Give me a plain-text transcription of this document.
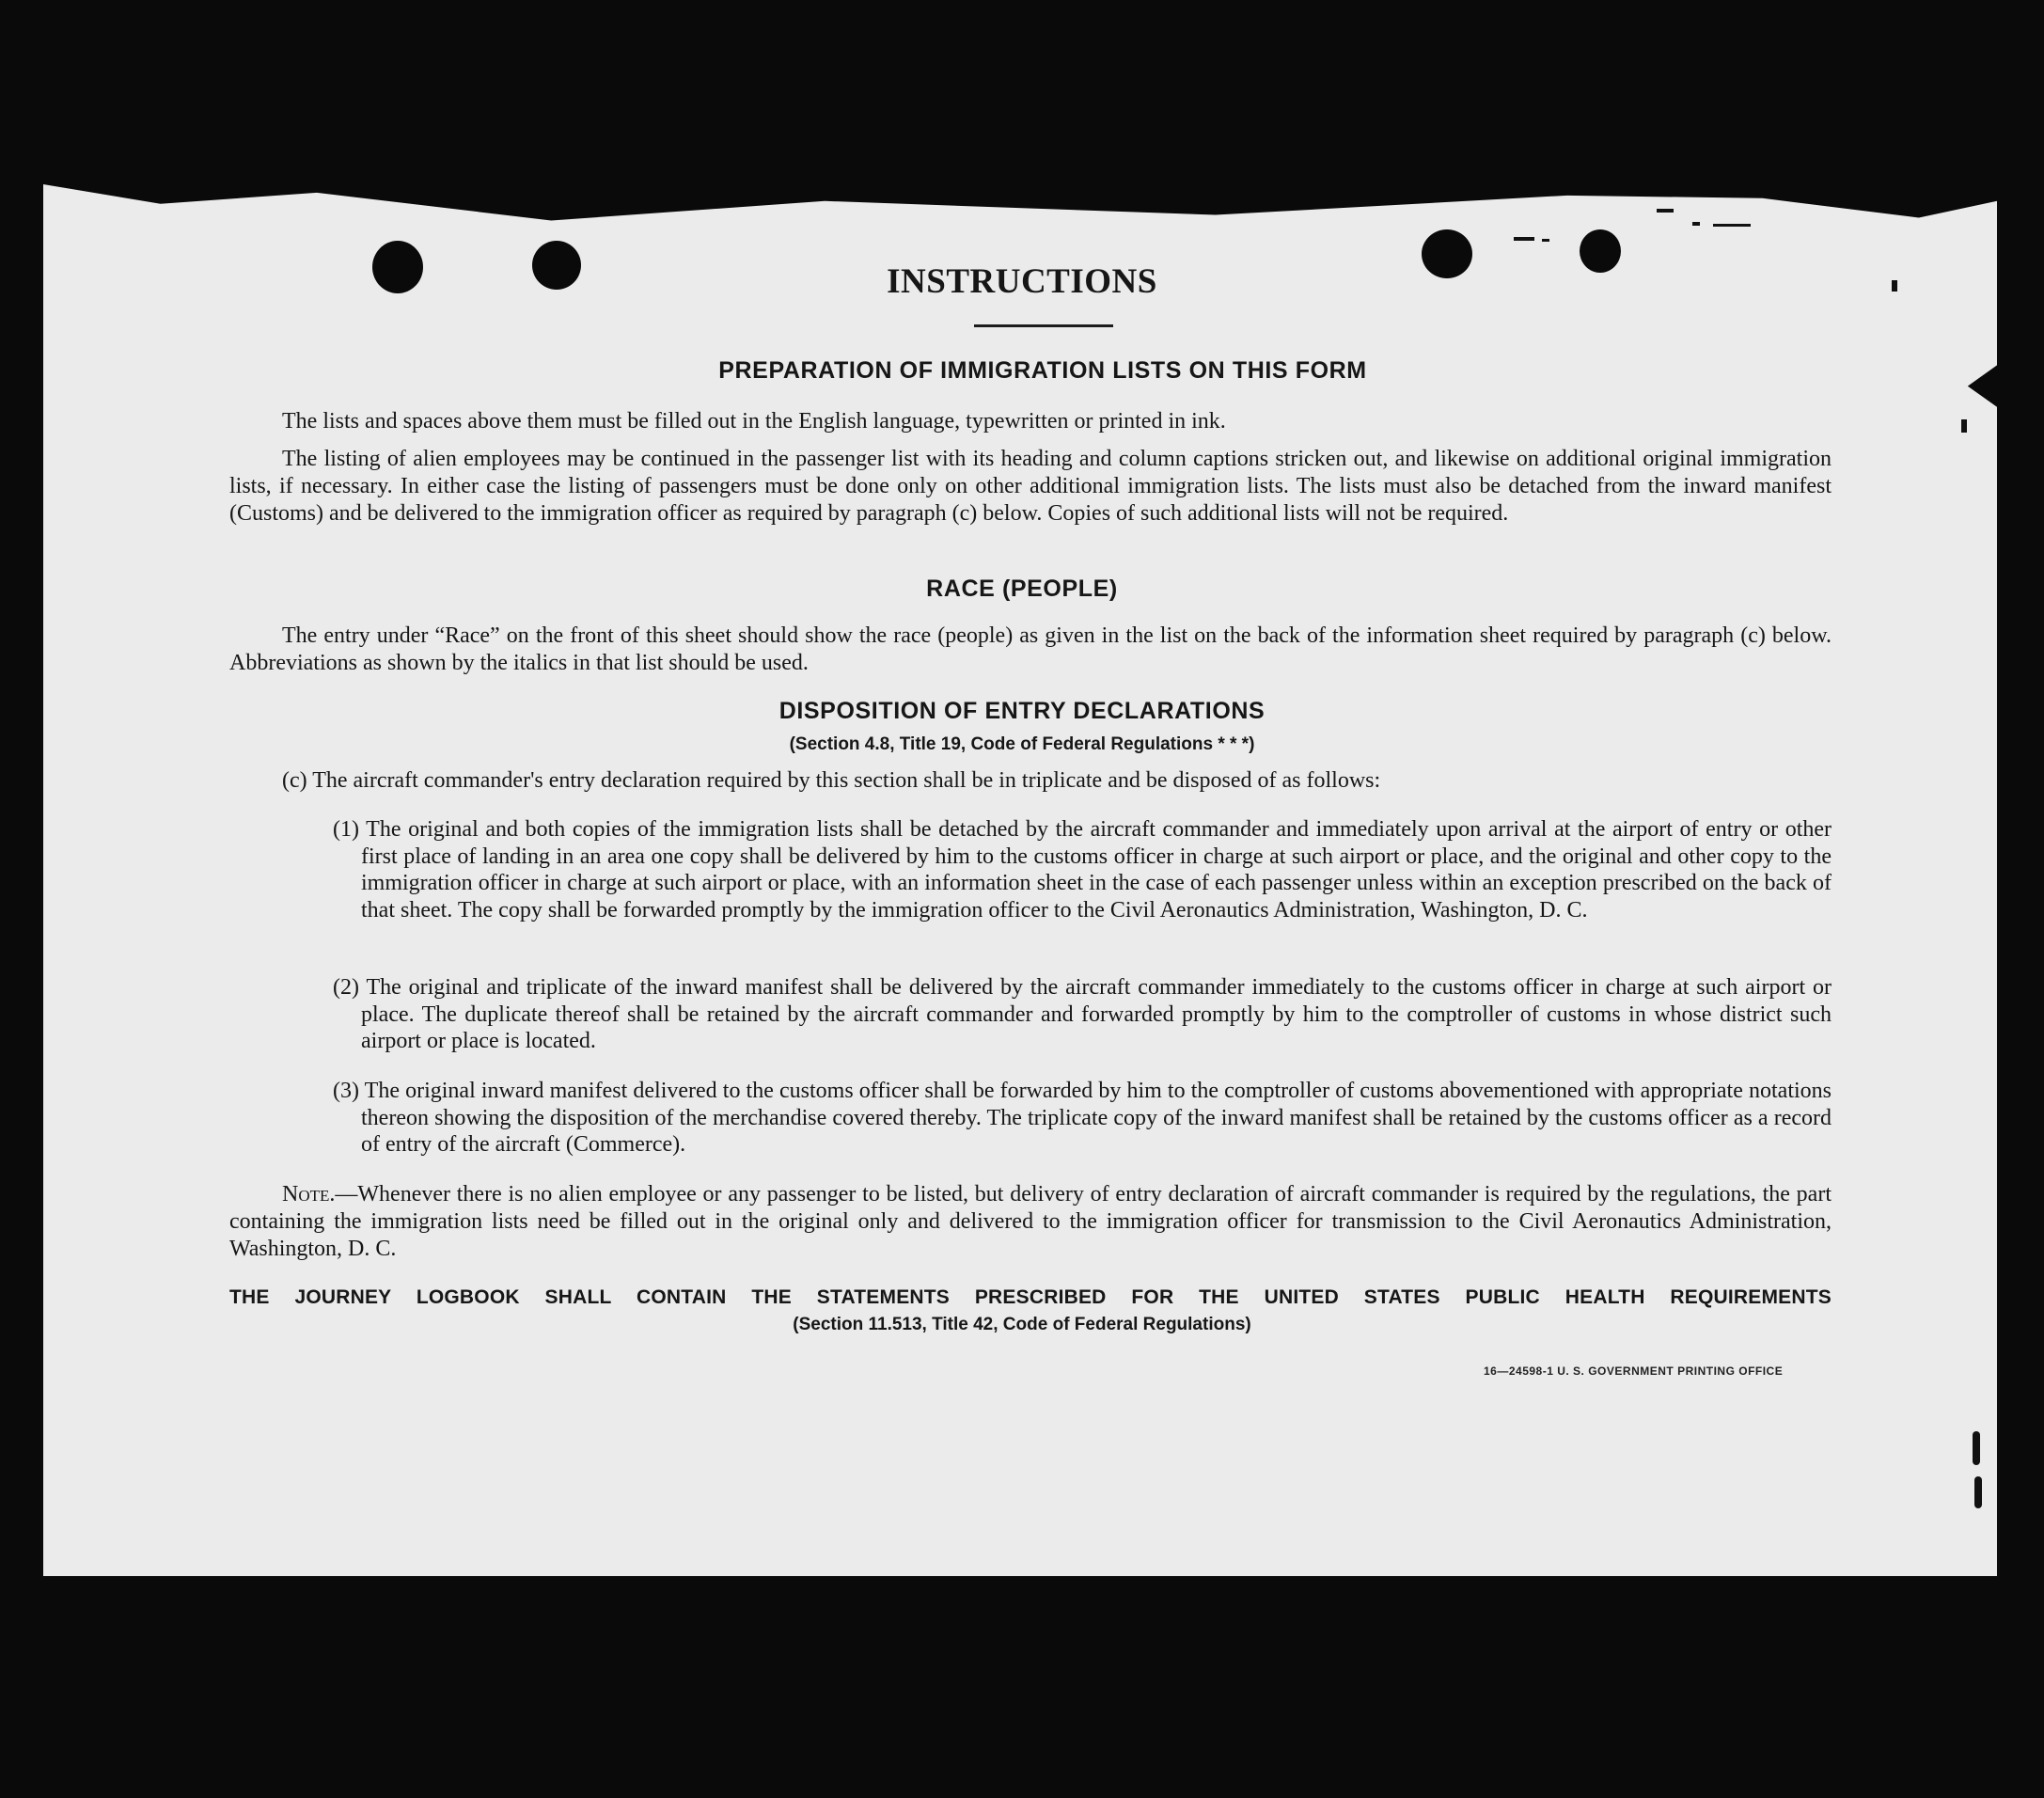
INSTRUCTIONS
PREPARATION OF IMMIGRATION LISTS ON THIS FORM
The lists and spaces above them must be filled out in the English language, typewritten or printed in ink.
The listing of alien employees may be continued in the passenger list with its heading and column captions stricken out, and likewise on additional original immigration lists, if necessary. In either case the listing of passengers must be done only on other additional immigration lists. The lists must also be detached from the inward manifest (Customs) and be delivered to the immigration officer as required by paragraph (c) below. Copies of such additional lists will not be required.
RACE (PEOPLE)
The entry under “Race” on the front of this sheet should show the race (people) as given in the list on the back of the information sheet required by paragraph (c) below. Abbreviations as shown by the italics in that list should be used.
DISPOSITION OF ENTRY DECLARATIONS
(Section 4.8, Title 19, Code of Federal Regulations * * *)
(c) The aircraft commander's entry declaration required by this section shall be in triplicate and be disposed of as follows:
(1) The original and both copies of the immigration lists shall be detached by the aircraft commander and immediately upon arrival at the airport of entry or other first place of landing in an area one copy shall be delivered by him to the customs officer in charge at such airport or place, and the original and other copy to the immigration officer in charge at such airport or place, with an information sheet in the case of each passenger unless within an exception prescribed on the back of that sheet. The copy shall be forwarded promptly by the immigration officer to the Civil Aeronautics Administration, Washington, D. C.
(2) The original and triplicate of the inward manifest shall be delivered by the aircraft commander immediately to the customs officer in charge at such airport or place. The duplicate thereof shall be retained by the aircraft commander and forwarded promptly by him to the comptroller of customs in whose district such airport or place is located.
(3) The original inward manifest delivered to the customs officer shall be forwarded by him to the comptroller of customs abovementioned with appropriate notations thereon showing the disposition of the merchandise covered thereby. The triplicate copy of the inward manifest shall be retained by the customs officer as a record of entry of the aircraft (Commerce).
Note.—Whenever there is no alien employee or any passenger to be listed, but delivery of entry declaration of aircraft commander is required by the regulations, the part containing the immigration lists need be filled out in the original only and delivered to the immigration officer for transmission to the Civil Aeronautics Administration, Washington, D. C.
THE JOURNEY LOGBOOK SHALL CONTAIN THE STATEMENTS PRESCRIBED FOR THE UNITED STATES PUBLIC HEALTH REQUIREMENTS
(Section 11.513, Title 42, Code of Federal Regulations)
16—24598-1 U. S. GOVERNMENT PRINTING OFFICE
